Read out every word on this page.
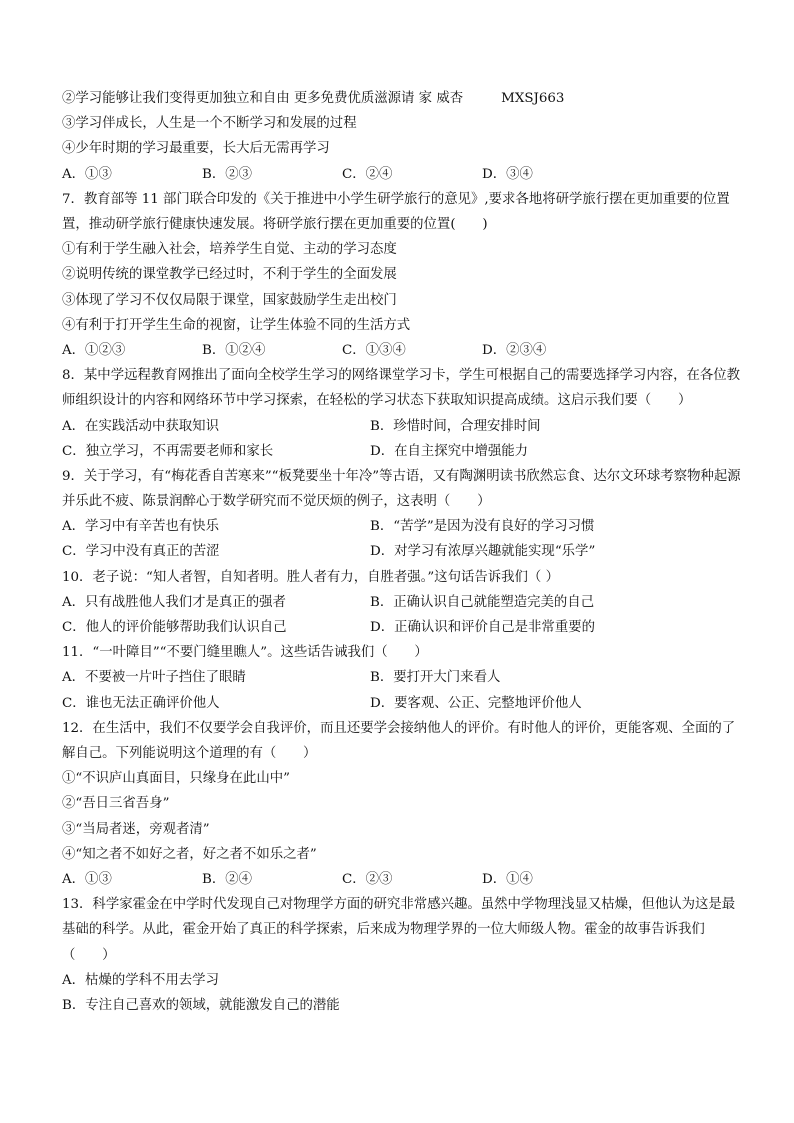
②学习能够让我们变得更加独立和自由 更多免费优质滋源请 家 威杏	MXSJ663
③学习伴成长，人生是一个不断学习和发展的过程
④少年时期的学习最重要，长大后无需再学习
A．①③	B．②③	C．②④	D．③④
7．教育部等 11 部门联合印发的《关于推进中小学生研学旅行的意见》,要求各地将研学旅行摆在更加重要的位置置，推动研学旅行健康快速发展。将研学旅行摆在更加重要的位置(　　)
①有利于学生融入社会，培养学生自觉、主动的学习态度
②说明传统的课堂教学已经过时，不利于学生的全面发展
③体现了学习不仅仅局限于课堂，国家鼓励学生走出校门
④有利于打开学生生命的视窗，让学生体验不同的生活方式
A．①②③	B．①②④	C．①③④	D．②③④
8．某中学远程教育网推出了面向全校学生学习的网络课堂学习卡，学生可根据自己的需要选择学习内容，在各位教师组织设计的内容和网络环节中学习探索，在轻松的学习状态下获取知识提高成绩。这启示我们要（　　）
A．在实践活动中获取知识	B．珍惜时间，合理安排时间
C．独立学习，不再需要老师和家长	D．在自主探究中增强能力
9．关于学习，有“梅花香自苦寒来”“板凳要坐十年冷”等古语，又有陶渊明读书欣然忘食、达尔文环球考察物种起源并乐此不疲、陈景润醉心于数学研究而不觉厌烦的例子，这表明（　　）
A．学习中有辛苦也有快乐	B．“苦学”是因为没有良好的学习习惯
C．学习中没有真正的苦涩	D．对学习有浓厚兴趣就能实现“乐学”
10．老子说：“知人者智，自知者明。胜人者有力，自胜者强。”这句话告诉我们（ ）
A．只有战胜他人我们才是真正的强者	B．正确认识自己就能塑造完美的自己
C．他人的评价能够帮助我们认识自己	D．正确认识和评价自己是非常重要的
11．“一叶障目”“不要门缝里瞧人”。这些话告诫我们（　　）
A．不要被一片叶子挡住了眼睛	B．要打开大门来看人
C．谁也无法正确评价他人	D．要客观、公正、完整地评价他人
12．在生活中，我们不仅要学会自我评价，而且还要学会接纳他人的评价。有时他人的评价，更能客观、全面的了解自己。下列能说明这个道理的有（　　）
①“不识庐山真面目，只缘身在此山中”
②“吾日三省吾身”
③“当局者迷，旁观者清”
④“知之者不如好之者，好之者不如乐之者”
A．①③	B．②④	C．②③	D．①④
13．科学家霍金在中学时代发现自己对物理学方面的研究非常感兴趣。虽然中学物理浅显又枯燥，但他认为这是最基础的科学。从此，霍金开始了真正的科学探索，后来成为物理学界的一位大师级人物。霍金的故事告诉我们（　　）
A．枯燥的学科不用去学习
B．专注自己喜欢的领域，就能激发自己的潜能
